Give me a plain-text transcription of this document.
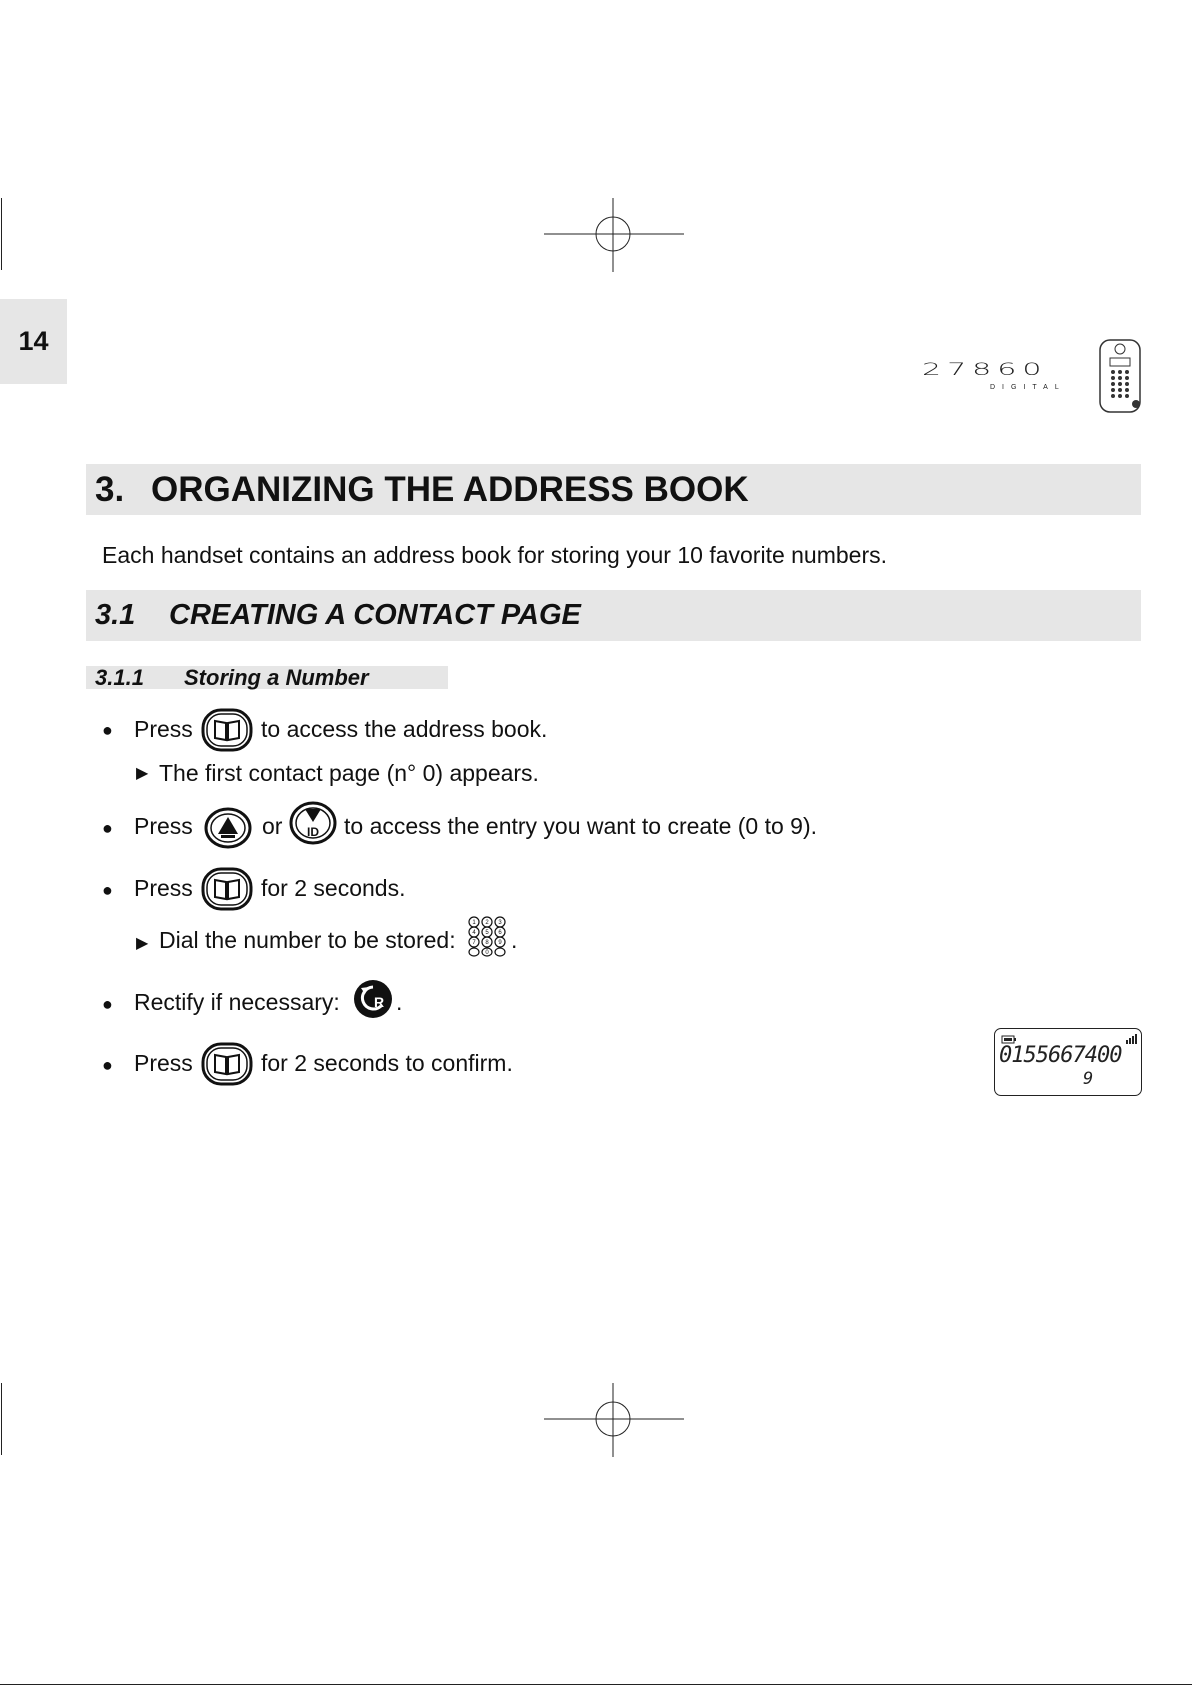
14
27860
DIGITAL
3. ORGANIZING THE ADDRESS BOOK
Each handset contains an address book for storing your 10 favorite numbers.
3.1 CREATING A CONTACT PAGE
3.1.1 Storing a Number
● Press	to access the address book.
▶ The first contact page (n° 0) appears.
● Press	or ID to access the entry you want to create (0 to 9).
● Press	for 2 seconds.
▶ Dial the number to be stored:
1 2 3
4 5 6
7 8 9
0 .
● Rectify if necessary: R .
● Press	for 2 seconds to confirm.	0155667400
9
